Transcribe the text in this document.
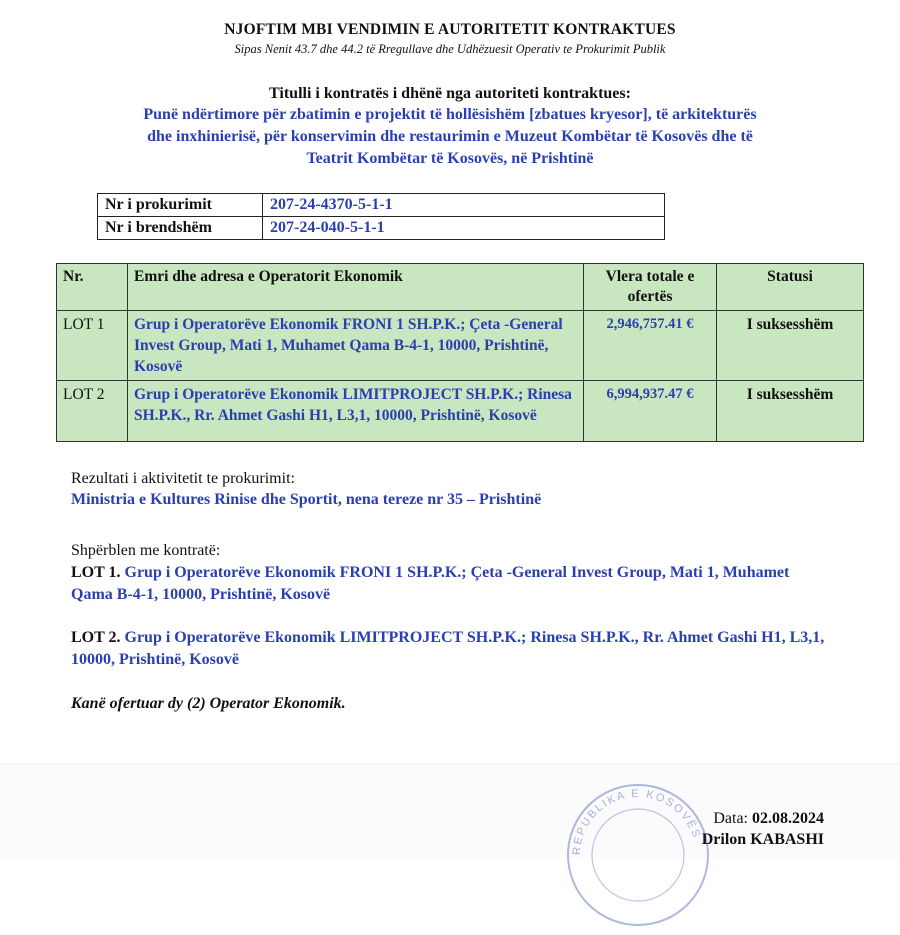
NJOFTIM MBI VENDIMIN E AUTORITETIT KONTRAKTUES
Sipas Nenit 43.7 dhe 44.2 të Rregullave dhe Udhëzuesit Operativ te Prokurimit Publik
Titulli i kontratës i dhënë nga autoriteti kontraktues:
Punë ndërtimore për zbatimin e projektit të hollësishëm [zbatues kryesor], të arkitekturës
dhe inxhinierisë, për konservimin dhe restaurimin e Muzeut Kombëtar të Kosovës dhe të
Teatrit Kombëtar të Kosovës, në Prishtinë
Nr i prokurimit	207-24-4370-5-1-1
Nr i brendshëm	207-24-040-5-1-1
Nr.	Emri dhe adresa e Operatorit Ekonomik	Vlera totale e ofertës	Statusi
LOT 1	Grup i Operatorëve Ekonomik FRONI 1 SH.P.K.; Çeta -General Invest Group, Mati 1, Muhamet Qama B-4-1, 10000, Prishtinë, Kosovë	2,946,757.41 €	I suksesshëm
LOT 2	Grup i Operatorëve Ekonomik LIMITPROJECT SH.P.K.; Rinesa SH.P.K., Rr. Ahmet Gashi H1, L3,1, 10000, Prishtinë, Kosovë	6,994,937.47 €	I suksesshëm
Rezultati i aktivitetit te prokurimit:
Ministria e Kultures Rinise dhe Sportit, nena tereze nr 35 – Prishtinë
Shpërblen me kontratë:
LOT 1. Grup i Operatorëve Ekonomik FRONI 1 SH.P.K.; Çeta -General Invest Group, Mati 1, Muhamet Qama B-4-1, 10000, Prishtinë, Kosovë
LOT 2. Grup i Operatorëve Ekonomik LIMITPROJECT SH.P.K.; Rinesa SH.P.K., Rr. Ahmet Gashi H1, L3,1, 10000, Prishtinë, Kosovë
Kanë ofertuar dy (2) Operator Ekonomik.
REPUBLIKA E KOSOVËS
Data: 02.08.2024
Drilon KABASHI
